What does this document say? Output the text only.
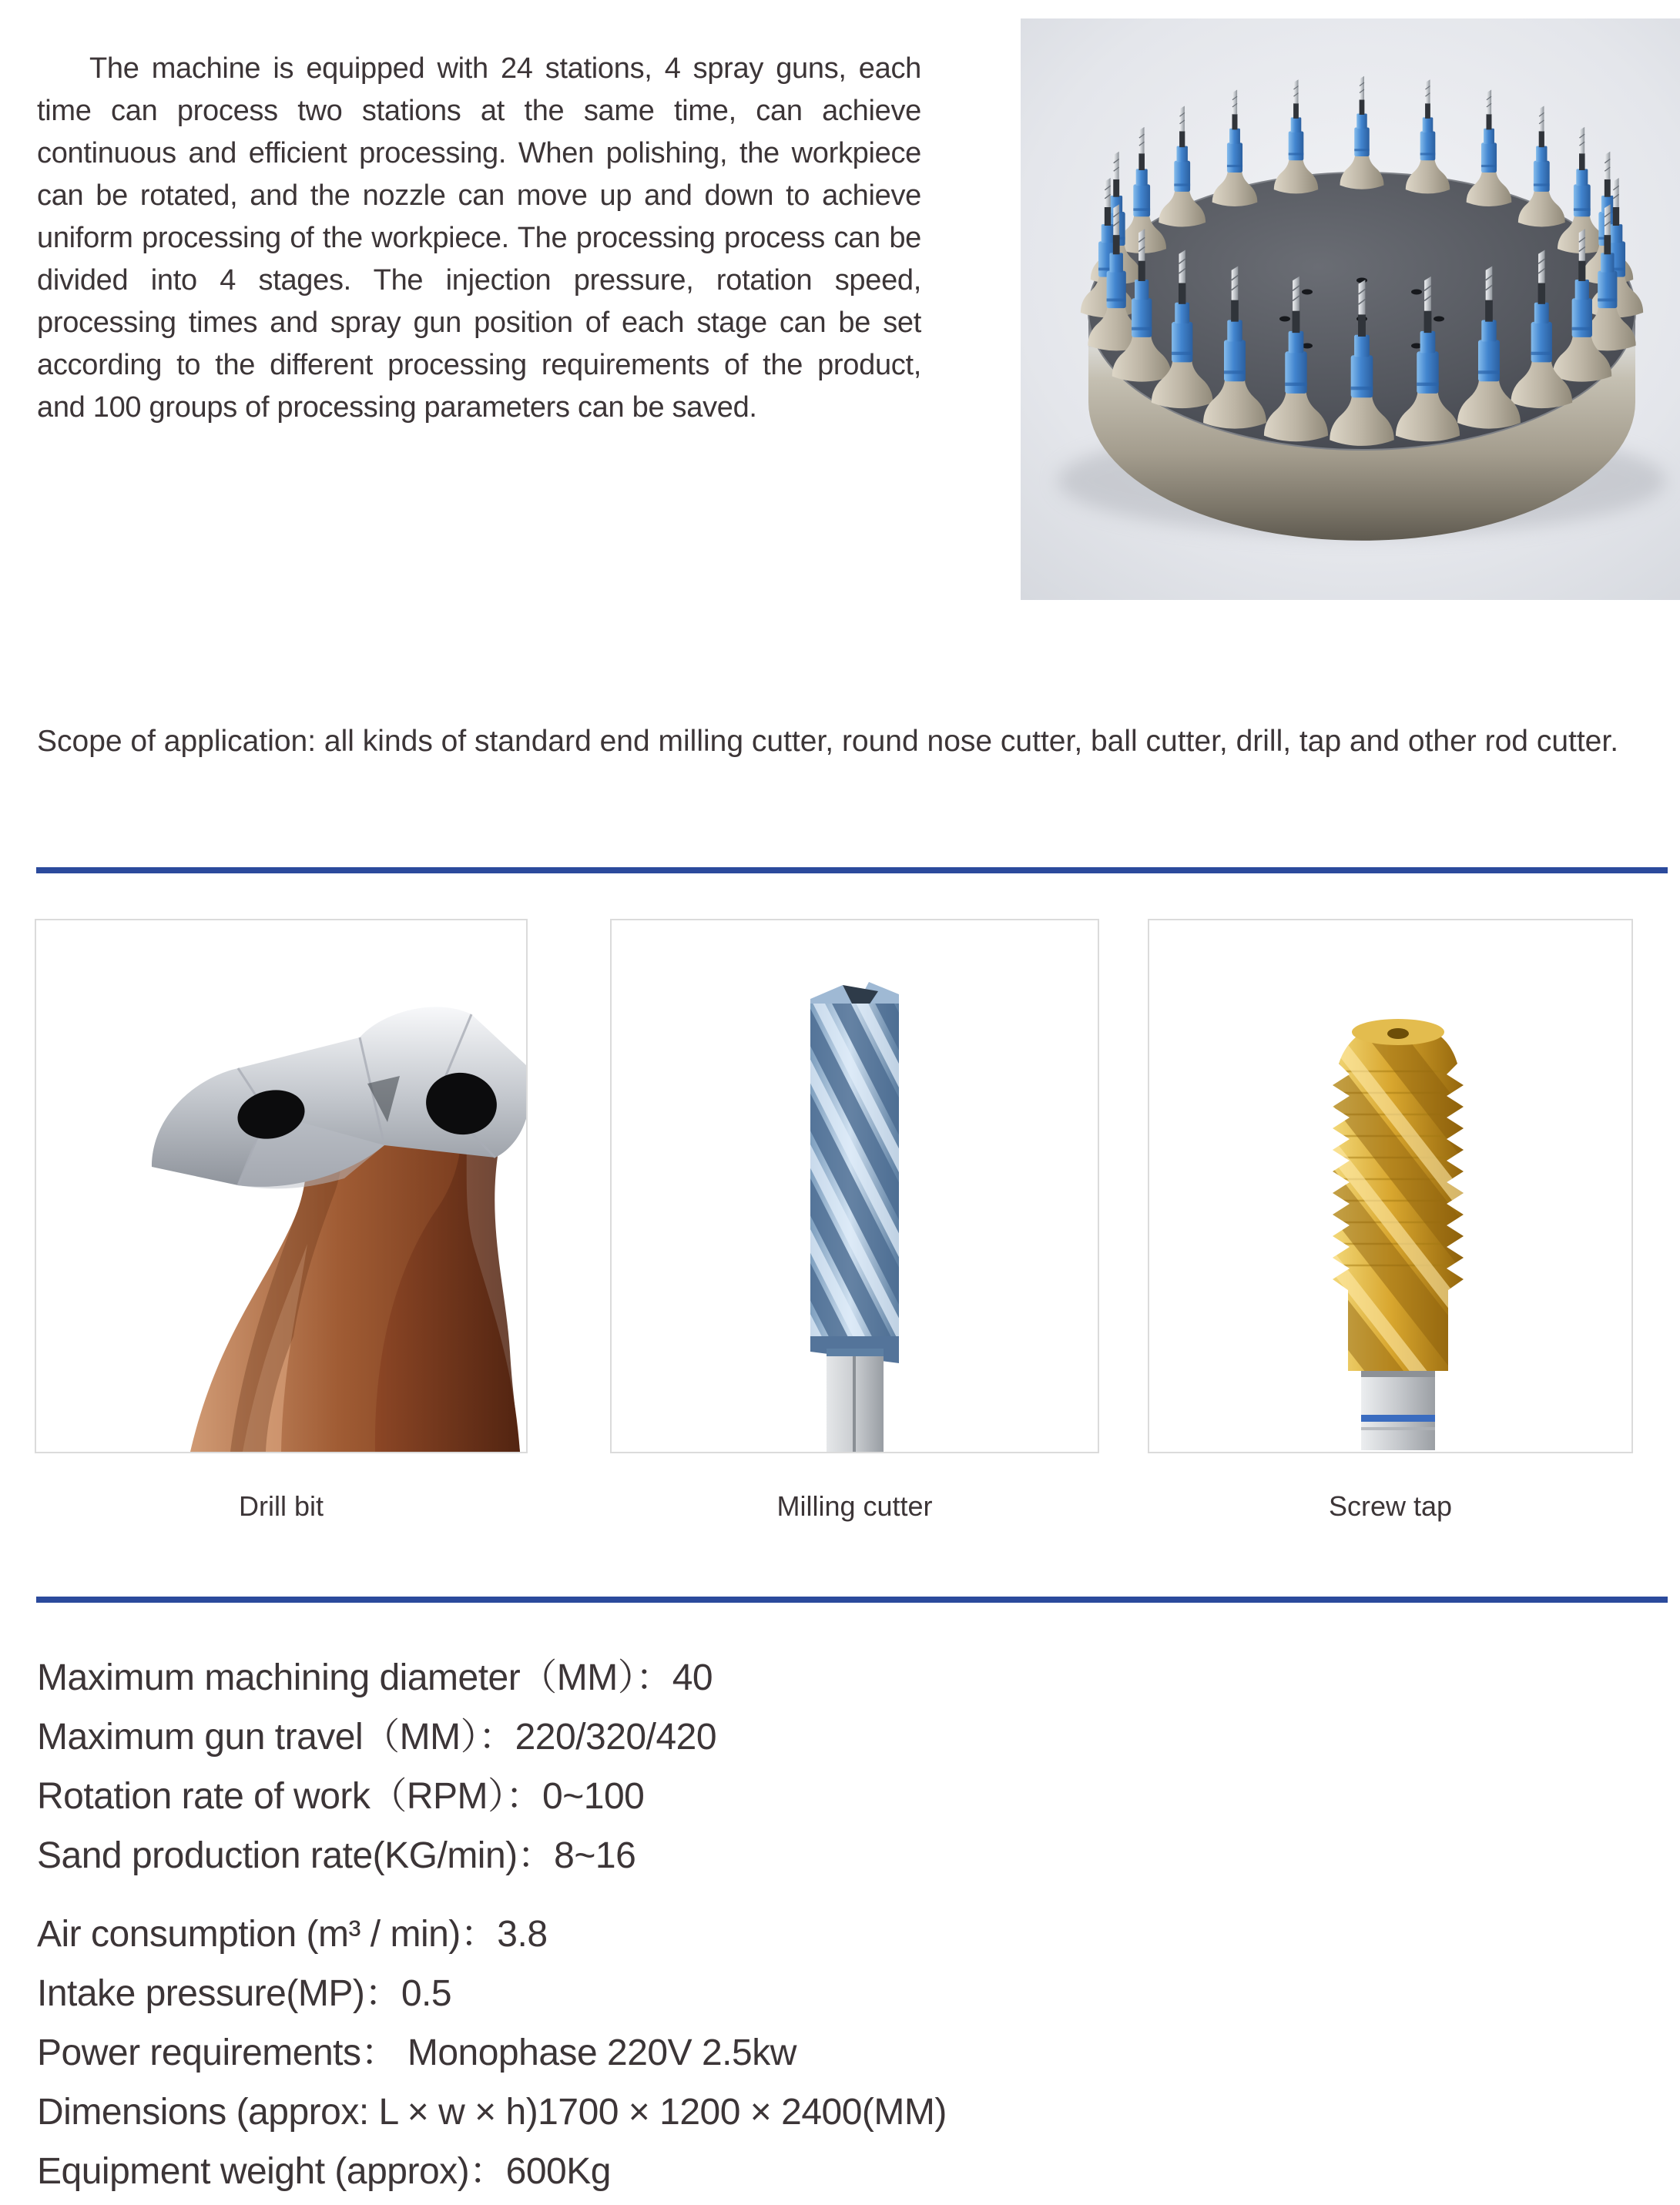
The machine is equipped with 24 stations, 4 spray guns, each time can process two stations at the same time, can achieve continuous and efficient processing. When polishing, the workpiece can be rotated, and the nozzle can move up and down to achieve uniform processing of the workpiece. The processing process can be divided into 4 stages. The injection pressure, rotation speed, processing times and spray gun position of each stage can be set according to the different processing requirements of the product, and 100 groups of processing parameters can be saved.

Scope of application: all kinds of standard end milling cutter, round nose cutter, ball cutter, drill, tap and other rod cutter.

Drill bit	Milling cutter	Screw tap
Maximum machining diameter（MM）：40
Maximum gun travel（MM）：220/320/420
Rotation rate of work（RPM）：0~100
Sand production rate(KG/min)：8~16
Air consumption (m³ / min)：3.8
Intake pressure(MP)：0.5
Power requirements： Monophase 220V 2.5kw
Dimensions (approx: L × w × h)1700 × 1200 × 2400(MM)
Equipment weight (approx)：600Kg
